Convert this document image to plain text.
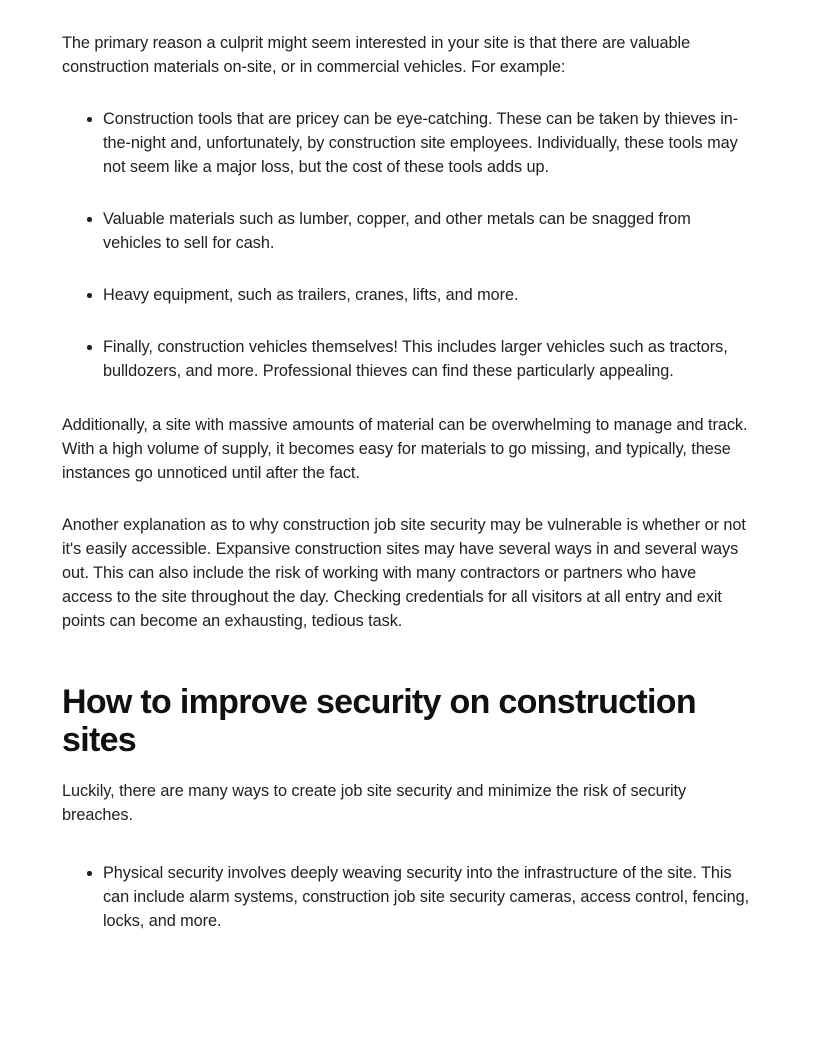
The primary reason a culprit might seem interested in your site is that there are valuable construction materials on-site, or in commercial vehicles. For example:

Construction tools that are pricey can be eye-catching. These can be taken by thieves in-the-night and, unfortunately, by construction site employees. Individually, these tools may not seem like a major loss, but the cost of these tools adds up.
Valuable materials such as lumber, copper, and other metals can be snagged from vehicles to sell for cash.
Heavy equipment, such as trailers, cranes, lifts, and more.
Finally, construction vehicles themselves! This includes larger vehicles such as tractors, bulldozers, and more. Professional thieves can find these particularly appealing.

Additionally, a site with massive amounts of material can be overwhelming to manage and track. With a high volume of supply, it becomes easy for materials to go missing, and typically, these instances go unnoticed until after the fact.

Another explanation as to why construction job site security may be vulnerable is whether or not it's easily accessible. Expansive construction sites may have several ways in and several ways out. This can also include the risk of working with many contractors or partners who have access to the site throughout the day. Checking credentials for all visitors at all entry and exit points can become an exhausting, tedious task.

How to improve security on construction sites

Luckily, there are many ways to create job site security and minimize the risk of security breaches.

Physical security involves deeply weaving security into the infrastructure of the site. This can include alarm systems, construction job site security cameras, access control, fencing, locks, and more.
